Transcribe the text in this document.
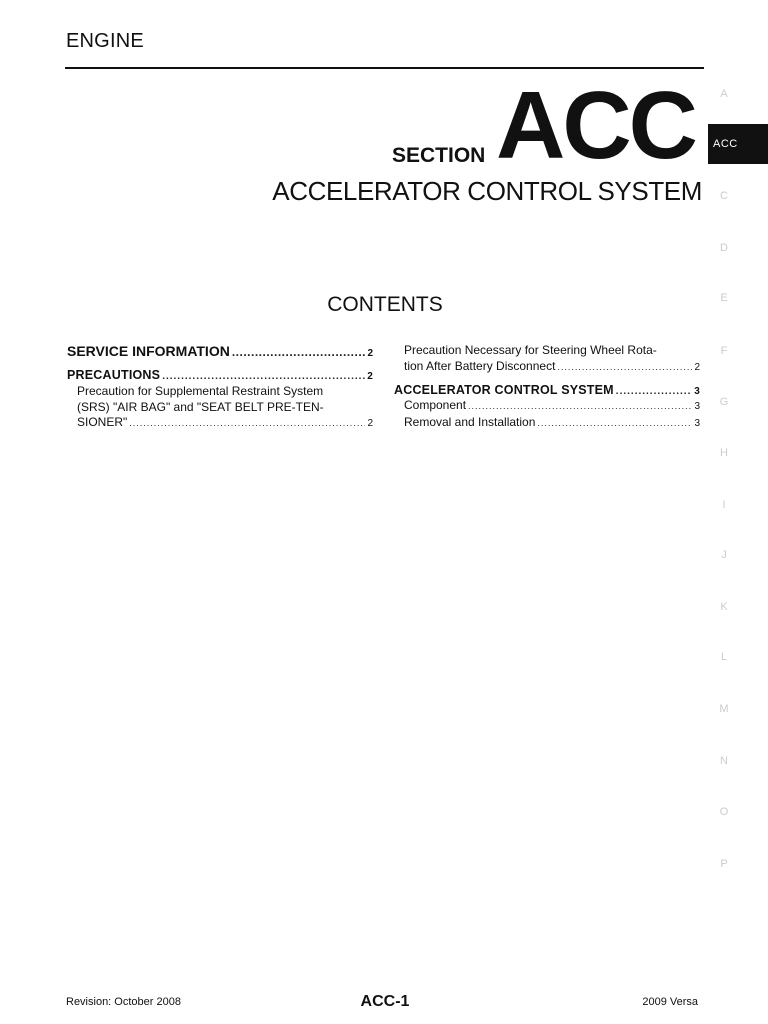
ENGINE
SECTION ACC
ACCELERATOR CONTROL SYSTEM
CONTENTS
SERVICE INFORMATION .....	2
PRECAUTIONS .....	2
Precaution for Supplemental Restraint System
(SRS) "AIR BAG" and "SEAT BELT PRE-TEN-
SIONER" .....	2
Precaution Necessary for Steering Wheel Rota-
tion After Battery Disconnect .....	2
ACCELERATOR CONTROL SYSTEM .....	3
Component .....	3
Removal and Installation .....	3
A
ACC
C
D
E
F
G
H
I
J
K
L
M
N
O
P
Revision: October 2008	ACC-1	2009 Versa
